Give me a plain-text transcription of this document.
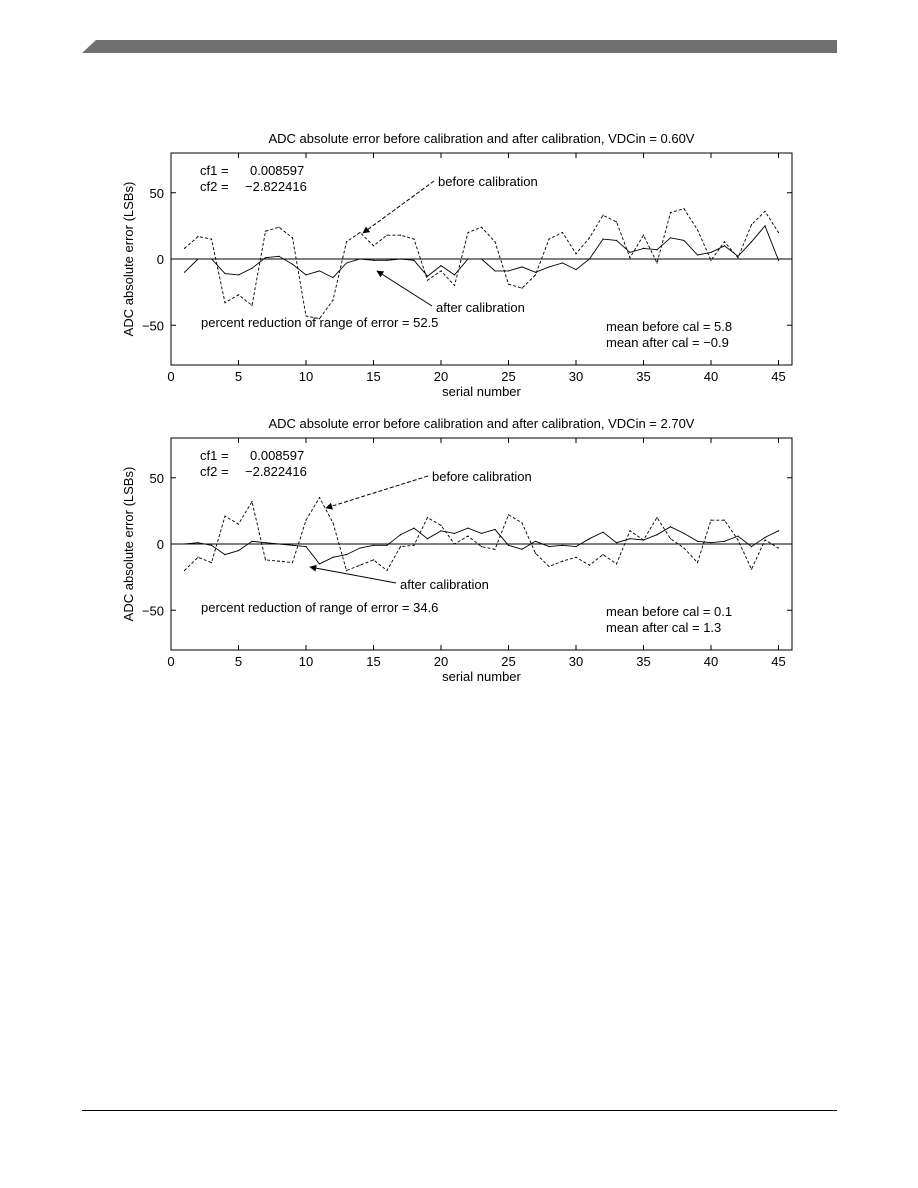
ADC absolute error before calibration and after calibration, VDCin = 0.60V
0	5	10	15	20	25	30	35	40	45
50
0
−50
serial number
ADC absolute error (LSBs)
cf1 = 0.008597
cf2 = −2.822416	before calibration
after calibration
percent reduction of range of error = 52.5	mean before cal = 5.8
mean after cal = −0.9
ADC absolute error before calibration and after calibration, VDCin = 2.70V
0	5	10	15	20	25	30	35	40	45
50
0
−50
serial number
ADC absolute error (LSBs)
cf1 = 0.008597
cf2 = −2.822416	before calibration
after calibration
percent reduction of range of error = 34.6	mean before cal = 0.1
mean after cal = 1.3
